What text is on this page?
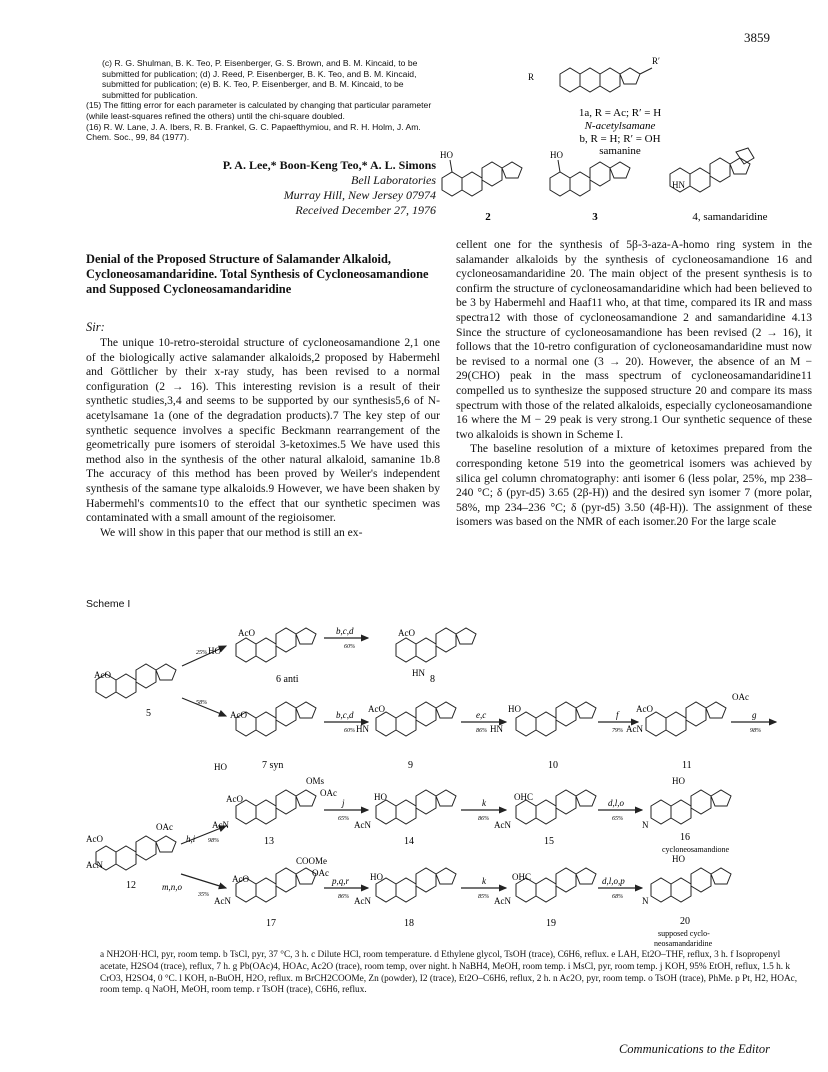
3859

(c) R. G. Shulman, B. K. Teo, P. Eisenberger, G. S. Brown, and B. M. Kincaid, to be submitted for publication; (d) J. Reed, P. Eisenberger, B. K. Teo, and B. M. Kincaid, submitted for publication; (e) B. K. Teo, P. Eisenberger, and B. M. Kincaid, to be submitted for publication.

(15) The fitting error for each parameter is calculated by changing that particular parameter (while least-squares refined the others) until the chi-square doubled.

(16) R. W. Lane, J. A. Ibers, R. B. Frankel, G. C. Papaefthymiou, and R. H. Holm, J. Am. Chem. Soc., 99, 84 (1977).

P. A. Lee,* Boon-Keng Teo,* A. L. Simons
Bell Laboratories
Murray Hill, New Jersey 07974
Received December 27, 1976
Denial of the Proposed Structure of Salamander Alkaloid, Cycloneosamandaridine. Total Synthesis of Cycloneosamandione and Supposed Cycloneosamandaridine
Sir:

The unique 10-retro-steroidal structure of cycloneosamandione 2,1 one of the biologically active salamander alkaloids,2 proposed by Habermehl and Göttlicher by their x-ray study, has been revised to a normal configuration (2 → 16). This interesting revision is a result of their synthetic studies,3,4 and seems to be supported by our synthesis5,6 of N-acetylsamane 1a (one of the degradation products).7 The key step of our synthetic sequence involves a specific Beckmann rearrangement of the geometrically pure isomers of steroidal 3-ketoximes.5 We have used this method also in the synthesis of the other natural alkaloid, samanine 1b.8 The accuracy of this method has been proved by Weiler's independent synthesis of the samane type alkaloids.9 However, we have been shaken by Habermehl's comments10 to the effect that our synthetic specimen was contaminated with a small amount of the regioisomer.

We will show in this paper that our method is still an ex-

cellent one for the synthesis of 5β-3-aza-A-homo ring system in the salamander alkaloids by the synthesis of cycloneosamandione 16 and cycloneosamandaridine 20. The main object of the present synthesis is to confirm the structure of cycloneosamandaridine which had been believed to be 3 by Habermehl and Haaf11 who, at that time, compared its IR and mass spectra12 with those of cycloneosamandione 2 and samandaridine 4.13 Since the structure of cycloneosamandione has been revised (2 → 16), it follows that the 10-retro configuration of cycloneosamandaridine must now be revised to a normal one (3 → 20). However, the absence of an M − 29(CHO) peak in the mass spectrum of cycloneosamandaridine11 compelled us to synthesize the supposed structure 20 and compare its mass spectrum with those of the related alkaloids, especially cycloneosamandione 16 where the M − 29 peak is very strong.1 Our synthetic sequence of these two alkaloids is shown in Scheme I.

The baseline resolution of a mixture of ketoximes prepared from the corresponding ketone 519 into the geometrical isomers was achieved by silica gel column chromatography: anti isomer 6 (less polar, 25%, mp 238–240 °C; δ (pyr-d5) 3.65 (2β-H)) and the desired syn isomer 7 (more polar, 58%, mp 234–236 °C; δ (pyr-d5) 3.50 (4β-H)). The assignment of these isomers was based on the NMR of each isomer.20 For the large scale

R
R′
HO	HO
HN
1a, R = Ac; R′ = H
N-acetylsamane
b, R = H; R′ = OH
samanine
2	3	4, samandaridine
Scheme I
b,c,d
60%
b,c,d
60%
e,c
86%
f
79%
g
98%
j
65%
k
86%
d,l,o
65%
h,i 98%
m,n,o
35%
p,q,r
86%
k
85%
d,l,o,p
68%
25%
58%
AcO
HO
AcO
HN
AcO
AcO
HO
AcO
HN
HO
HN
AcO
AcN
OAc
OMs
OAc
AcO
AcN
HO
AcN
OHC
AcN
HO
N
OAc
AcO
AcN	COOMe
OAc
AcO
AcN
HO
AcN
OHC
AcN
HO
N
6 anti	8
5
7 syn	9	10	11
13	14	15	16
cycloneosamandione
12
17	18	19	20
supposed cyclo-
neosamandaridine
a NH2OH·HCl, pyr, room temp. b TsCl, pyr, 37 °C, 3 h. c Dilute HCl, room temperature. d Ethylene glycol, TsOH (trace), C6H6, reflux. e LAH, Et2O–THF, reflux, 3 h. f Isopropenyl acetate, H2SO4 (trace), reflux, 7 h. g Pb(OAc)4, HOAc, Ac2O (trace), room temp, over night. h NaBH4, MeOH, room temp. i MsCl, pyr, room temp. j KOH, 95% EtOH, reflux, 1.5 h. k CrO3, H2SO4, 0 °C. l KOH, n-BuOH, H2O, reflux. m BrCH2COOMe, Zn (powder), I2 (trace), Et2O–C6H6, reflux, 2 h. n Ac2O, pyr, room temp. o TsOH (trace), PhMe. p Pt, H2, HOAc, room temp. q NaOH, MeOH, room temp. r TsOH (trace), C6H6, reflux.
Communications to the Editor
